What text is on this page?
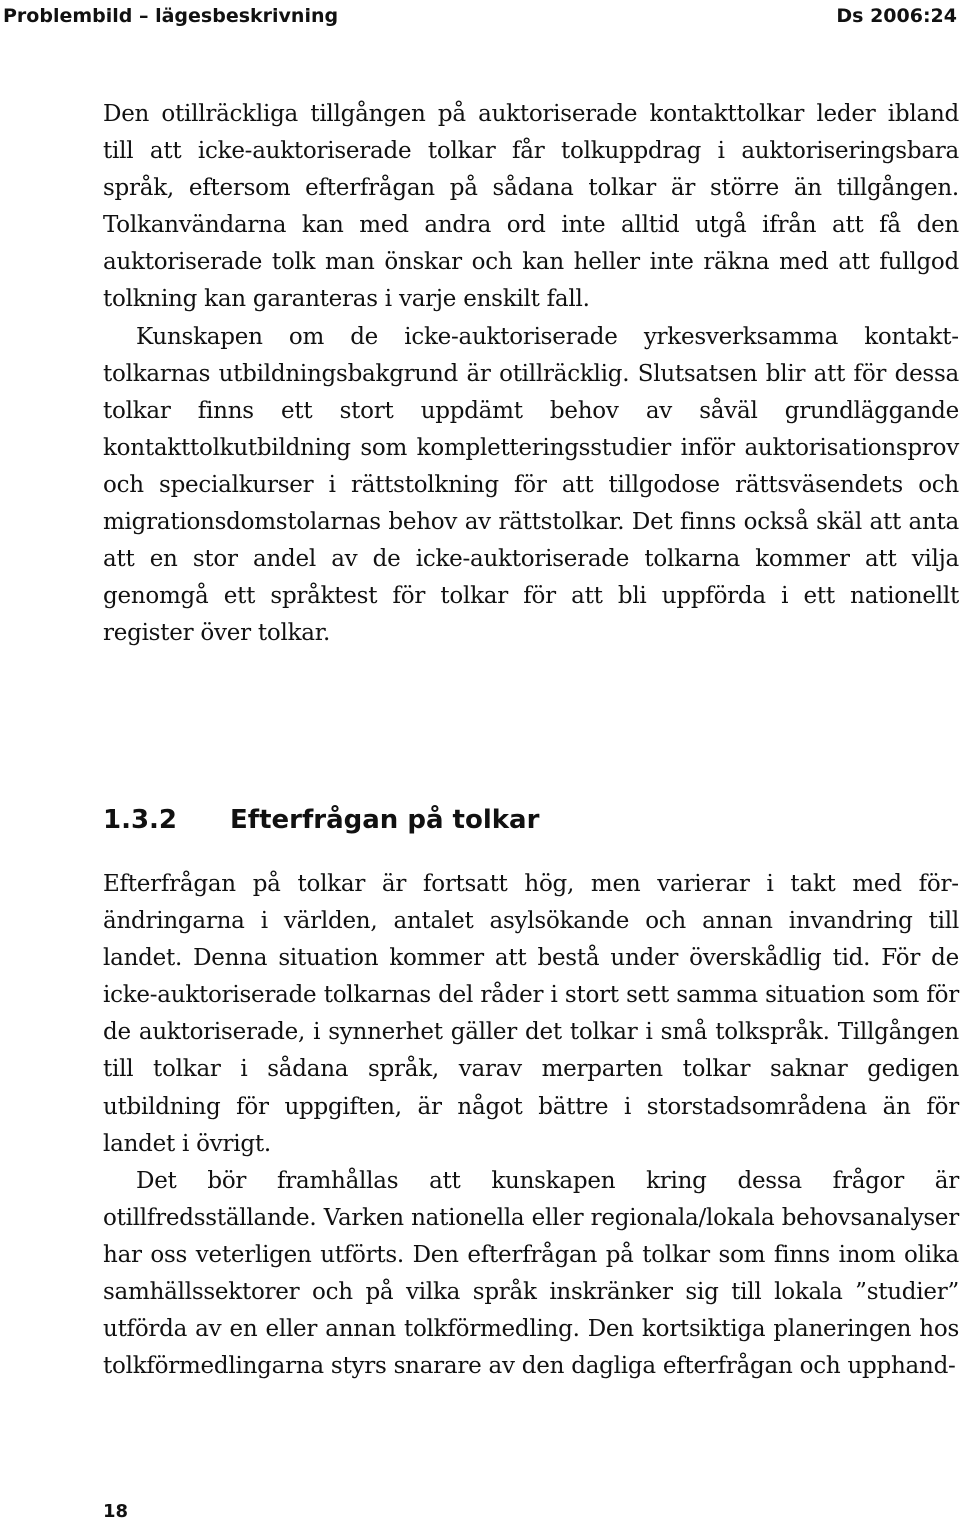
Problembild – lägesbeskrivning	Ds 2006:24

Den otillräckliga tillgången på auktoriserade kontakttolkar leder ibland till att icke-auktoriserade tolkar får tolkuppdrag i auktoriseringsbara språk, eftersom efterfrågan på sådana tolkar är större än tillgången. Tolkanvändarna kan med andra ord inte alltid utgå ifrån att få den auktoriserade tolk man önskar och kan heller inte räkna med att fullgod tolkning kan garanteras i varje enskilt fall.

Kunskapen om de icke-auktoriserade yrkesverksamma kontakttolkarnas utbildningsbakgrund är otillräcklig. Slutsatsen blir att för dessa tolkar finns ett stort uppdämt behov av såväl grundläggande kontakttolkutbildning som kompletteringsstudier inför auktorisationsprov och specialkurser i rättstolkning för att tillgodose rättsväsendets och migrationsdomstolarnas behov av rättstolkar. Det finns också skäl att anta att en stor andel av de icke-auktoriserade tolkarna kommer att vilja genomgå ett språktest för tolkar för att bli uppförda i ett nationellt register över tolkar.

1.3.2 Efterfrågan på tolkar

Efterfrågan på tolkar är fortsatt hög, men varierar i takt med förändringarna i världen, antalet asylsökande och annan invandring till landet. Denna situation kommer att bestå under överskådlig tid. För de icke-auktoriserade tolkarnas del råder i stort sett samma situation som för de auktoriserade, i synnerhet gäller det tolkar i små tolkspråk. Tillgången till tolkar i sådana språk, varav merparten tolkar saknar gedigen utbildning för uppgiften, är något bättre i storstadsområdena än för landet i övrigt.

Det bör framhållas att kunskapen kring dessa frågor är otillfredsställande. Varken nationella eller regionala/lokala behovsanalyser har oss veterligen utförts. Den efterfrågan på tolkar som finns inom olika samhällssektorer och på vilka språk inskränker sig till lokala ”studier” utförda av en eller annan tolkförmedling. Den kortsiktiga planeringen hos tolkförmedlingarna styrs snarare av den dagliga efterfrågan och upphand-

18
